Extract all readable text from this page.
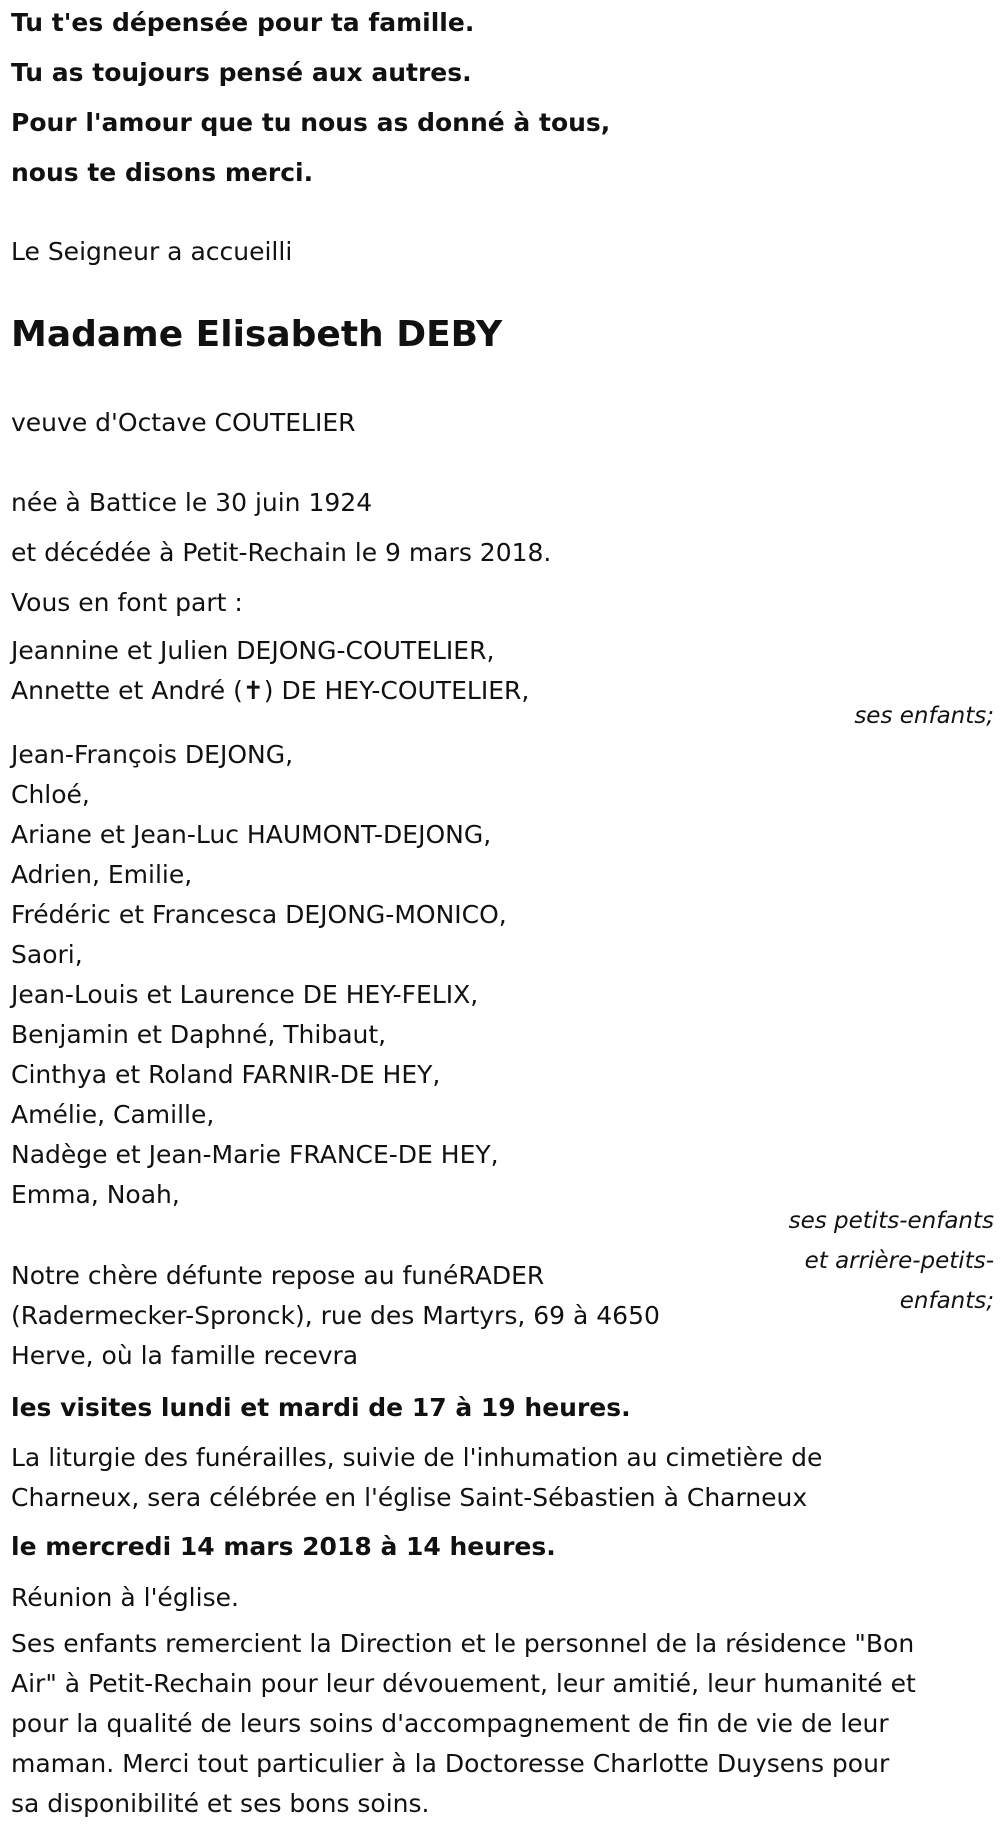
Tu t'es dépensée pour ta famille.

Tu as toujours pensé aux autres.

Pour l'amour que tu nous as donné à tous,

nous te disons merci.

Le Seigneur a accueilli

Madame Elisabeth DEBY

veuve d'Octave COUTELIER

née à Battice le 30 juin 1924

et décédée à Petit-Rechain le 9 mars 2018.

Vous en font part :

Jeannine et Julien DEJONG-COUTELIER,

Annette et André (✝) DE HEY-COUTELIER,

ses enfants;

Jean-François DEJONG,

Chloé,

Ariane et Jean-Luc HAUMONT-DEJONG,

Adrien, Emilie,

Frédéric et Francesca DEJONG-MONICO,

Saori,

Jean-Louis et Laurence DE HEY-FELIX,

Benjamin et Daphné, Thibaut,

Cinthya et Roland FARNIR-DE HEY,

Amélie, Camille,

Nadège et Jean-Marie FRANCE-DE HEY,

Emma, Noah,

ses petits-enfants
et arrière-petits-
enfants;

Notre chère défunte repose au funéRADER
(Radermecker-Spronck), rue des Martyrs, 69 à 4650
Herve, où la famille recevra

les visites lundi et mardi de 17 à 19 heures.

La liturgie des funérailles, suivie de l'inhumation au cimetière de
Charneux, sera célébrée en l'église Saint-Sébastien à Charneux

le mercredi 14 mars 2018 à 14 heures.

Réunion à l'église.

Ses enfants remercient la Direction et le personnel de la résidence "Bon
Air" à Petit-Rechain pour leur dévouement, leur amitié, leur humanité et
pour la qualité de leurs soins d'accompagnement de fin de vie de leur
maman. Merci tout particulier à la Doctoresse Charlotte Duysens pour
sa disponibilité et ses bons soins.
